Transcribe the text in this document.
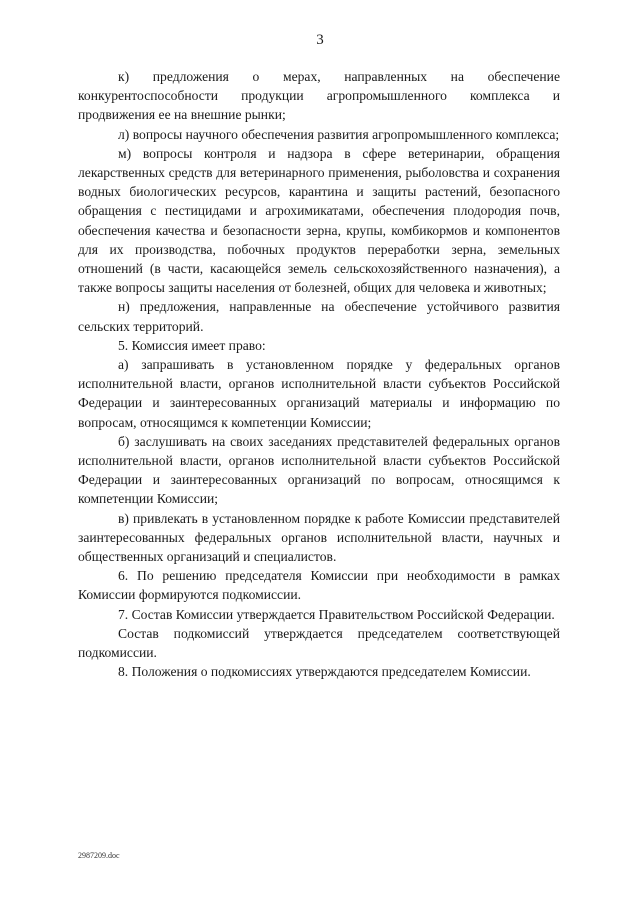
3

к) предложения о мерах, направленных на обеспечение конкурентоспособности продукции агропромышленного комплекса и продвижения ее на внешние рынки;

л) вопросы научного обеспечения развития агропромышленного комплекса;

м) вопросы контроля и надзора в сфере ветеринарии, обращения лекарственных средств для ветеринарного применения, рыболовства и сохранения водных биологических ресурсов, карантина и защиты растений, безопасного обращения с пестицидами и агрохимикатами, обеспечения плодородия почв, обеспечения качества и безопасности зерна, крупы, комбикормов и компонентов для их производства, побочных продуктов переработки зерна, земельных отношений (в части, касающейся земель сельскохозяйственного назначения), а также вопросы защиты населения от болезней, общих для человека и животных;

н) предложения, направленные на обеспечение устойчивого развития сельских территорий.

5. Комиссия имеет право:

а) запрашивать в установленном порядке у федеральных органов исполнительной власти, органов исполнительной власти субъектов Российской Федерации и заинтересованных организаций материалы и информацию по вопросам, относящимся к компетенции Комиссии;

б) заслушивать на своих заседаниях представителей федеральных органов исполнительной власти, органов исполнительной власти субъектов Российской Федерации и заинтересованных организаций по вопросам, относящимся к компетенции Комиссии;

в) привлекать в установленном порядке к работе Комиссии представителей заинтересованных федеральных органов исполнительной власти, научных и общественных организаций и специалистов.

6. По решению председателя Комиссии при необходимости в рамках Комиссии формируются подкомиссии.

7. Состав Комиссии утверждается Правительством Российской Федерации.

Состав подкомиссий утверждается председателем соответствующей подкомиссии.

8. Положения о подкомиссиях утверждаются председателем Комиссии.

2987209.doc
